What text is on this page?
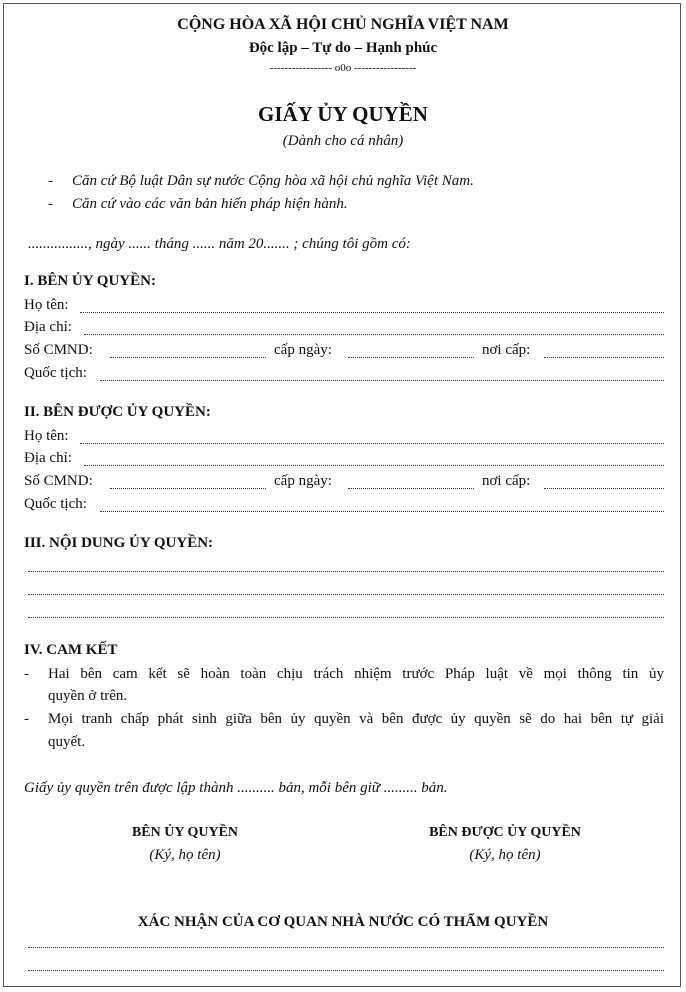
CỘNG HÒA XÃ HỘI CHỦ NGHĨA VIỆT NAM
Độc lập – Tự do – Hạnh phúc
----------------- o0o -----------------
GIẤY ỦY QUYỀN
(Dành cho cá nhân)
- Căn cứ Bộ luật Dân sự nước Cộng hòa xã hội chủ nghĩa Việt Nam.
- Căn cứ vào các văn bản hiến pháp hiện hành.
................, ngày ...... tháng ...... năm 20....... ; chúng tôi gồm có:
I. BÊN ỦY QUYỀN:
Họ tên:
Địa chỉ:
Số CMND:	cấp ngày:	nơi cấp:
Quốc tịch:
II. BÊN ĐƯỢC ỦY QUYỀN:
Họ tên:
Địa chỉ:
Số CMND:	cấp ngày:	nơi cấp:
Quốc tịch:
III. NỘI DUNG ỦY QUYỀN:
IV. CAM KẾT
- Hai bên cam kết sẽ hoàn toàn chịu trách nhiệm trước Pháp luật về mọi thông tin ủy
quyền ở trên.
- Mọi tranh chấp phát sinh giữa bên ủy quyền và bên được ủy quyền sẽ do hai bên tự giải
quyết.
Giấy ủy quyền trên được lập thành .......... bản, mỗi bên giữ ......... bản.
BÊN ỦY QUYỀN
(Ký, họ tên)
BÊN ĐƯỢC ỦY QUYỀN
(Ký, họ tên)
XÁC NHẬN CỦA CƠ QUAN NHÀ NƯỚC CÓ THẨM QUYỀN
